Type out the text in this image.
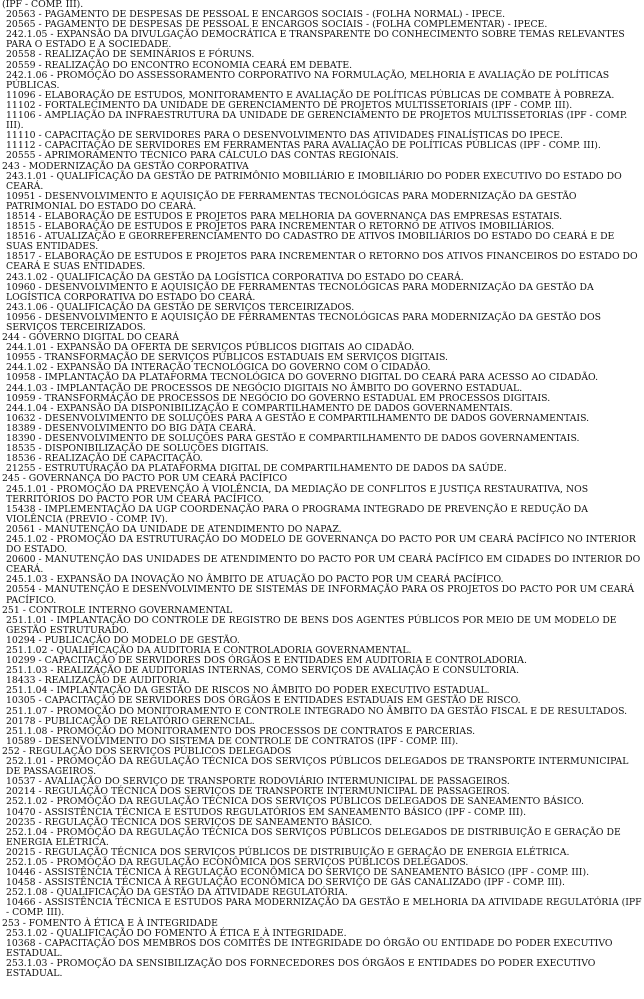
(IPF - COMP. III).

20563 - PAGAMENTO DE DESPESAS DE PESSOAL E ENCARGOS SOCIAIS - (FOLHA NORMAL) - IPECE.

20565 - PAGAMENTO DE DESPESAS DE PESSOAL E ENCARGOS SOCIAIS - (FOLHA COMPLEMENTAR) - IPECE.

242.1.05 - EXPANSÃO DA DIVULGAÇÃO DEMOCRÁTICA E TRANSPARENTE DO CONHECIMENTO SOBRE TEMAS RELEVANTES PARA O ESTADO E A SOCIEDADE.

20558 - REALIZAÇÃO DE SEMINÁRIOS E FÓRUNS.

20559 - REALIZAÇÃO DO ENCONTRO ECONOMIA CEARÁ EM DEBATE.

242.1.06 - PROMOÇÃO DO ASSESSORAMENTO CORPORATIVO NA FORMULAÇÃO, MELHORIA E AVALIAÇÃO DE POLÍTICAS PÚBLICAS.

11096 - ELABORAÇÃO DE ESTUDOS, MONITORAMENTO E AVALIAÇÃO DE POLÍTICAS PÚBLICAS DE COMBATE À POBREZA.

11102 - FORTALECIMENTO DA UNIDADE DE GERENCIAMENTO DE PROJETOS MULTISSETORIAIS (IPF - COMP. III).

11106 - AMPLIAÇÃO DA INFRAESTRUTURA DA UNIDADE DE GERENCIAMENTO DE PROJETOS MULTISSETORIAS (IPF - COMP. III).

11110 - CAPACITAÇÃO DE SERVIDORES PARA O DESENVOLVIMENTO DAS ATIVIDADES FINALÍSTICAS DO IPECE.

11112 - CAPACITAÇÃO DE SERVIDORES EM FERRAMENTAS PARA AVALIAÇÃO DE POLÍTICAS PÚBLICAS (IPF - COMP. III).

20555 - APRIMORAMENTO TÉCNICO PARA CÁLCULO DAS CONTAS REGIONAIS.

243 - MODERNIZAÇÃO DA GESTÃO CORPORATIVA

243.1.01 - QUALIFICAÇÃO DA GESTÃO DE PATRIMÔNIO MOBILIÁRIO E IMOBILIÁRIO DO PODER EXECUTIVO DO ESTADO DO CEARÁ.

10951 - DESENVOLVIMENTO E AQUISIÇÃO DE FERRAMENTAS TECNOLÓGICAS PARA MODERNIZAÇÃO DA GESTÃO PATRIMONIAL DO ESTADO DO CEARÁ.

18514 - ELABORAÇÃO DE ESTUDOS E PROJETOS PARA MELHORIA DA GOVERNANÇA DAS EMPRESAS ESTATAIS.

18515 - ELABORAÇÃO DE ESTUDOS E PROJETOS PARA INCREMENTAR O RETORNO DE ATIVOS IMOBILIÁRIOS.

18516 - ATUALIZAÇÃO E GEORREFERENCIAMENTO DO CADASTRO DE ATIVOS IMOBILIÁRIOS DO ESTADO DO CEARÁ E DE SUAS ENTIDADES.

18517 - ELABORAÇÃO DE ESTUDOS E PROJETOS PARA INCREMENTAR O RETORNO DOS ATIVOS FINANCEIROS DO ESTADO DO CEARÁ E SUAS ENTIDADES.

243.1.02 - QUALIFICAÇÃO DA GESTÃO DA LOGÍSTICA CORPORATIVA DO ESTADO DO CEARÁ.

10960 - DESENVOLVIMENTO E AQUISIÇÃO DE FERRAMENTAS TECNOLÓGICAS PARA MODERNIZAÇÃO DA GESTÃO DA LOGÍSTICA CORPORATIVA DO ESTADO DO CEARÁ.

243.1.06 - QUALIFICAÇÃO DA GESTÃO DE SERVIÇOS TERCEIRIZADOS.

10956 - DESENVOLVIMENTO E AQUISIÇÃO DE FERRAMENTAS TECNOLÓGICAS PARA MODERNIZAÇÃO DA GESTÃO DOS SERVIÇOS TERCEIRIZADOS.

244 - GOVERNO DIGITAL DO CEARÁ

244.1.01 - EXPANSÃO DA OFERTA DE SERVIÇOS PÚBLICOS DIGITAIS AO CIDADÃO.

10955 - TRANSFORMAÇÃO DE SERVIÇOS PÚBLICOS ESTADUAIS EM SERVIÇOS DIGITAIS.

244.1.02 - EXPANSÃO DA INTERAÇÃO TECNOLÓGICA DO GOVERNO COM O CIDADÃO.

10958 - IMPLANTAÇÃO DA PLATAFORMA TECNOLÓGICA DO GOVERNO DIGITAL DO CEARÁ PARA ACESSO AO CIDADÃO.

244.1.03 - IMPLANTAÇÃO DE PROCESSOS DE NEGÓCIO DIGITAIS NO ÂMBITO DO GOVERNO ESTADUAL.

10959 - TRANSFORMAÇÃO DE PROCESSOS DE NEGÓCIO DO GOVERNO ESTADUAL EM PROCESSOS DIGITAIS.

244.1.04 - EXPANSÃO DA DISPONIBILIZAÇÃO E COMPARTILHAMENTO DE DADOS GOVERNAMENTAIS.

10632 - DESENVOLVIMENTO DE SOLUÇÕES PARA A GESTÃO E COMPARTILHAMENTO DE DADOS GOVERNAMENTAIS.

18389 - DESENVOLVIMENTO DO BIG DATA CEARÁ.

18390 - DESENVOLVIMENTO DE SOLUÇÕES PARA GESTÃO E COMPARTILHAMENTO DE DADOS GOVERNAMENTAIS.

18535 - DISPONIBILIZAÇÃO DE SOLUÇÕES DIGITAIS.

18536 - REALIZAÇÃO DE CAPACITAÇÃO.

21255 - ESTRUTURAÇÃO DA PLATAFORMA DIGITAL DE COMPARTILHAMENTO DE DADOS DA SAÚDE.

245 - GOVERNANÇA DO PACTO POR UM CEARÁ PACÍFICO

245.1.01 - PROMOÇÃO DA PREVENÇÃO À VIOLÊNCIA, DA MEDIAÇÃO DE CONFLITOS E JUSTIÇA RESTAURATIVA, NOS TERRITÓRIOS DO PACTO POR UM CEARÁ PACÍFICO.

15438 - IMPLEMENTAÇÃO DA UGP COORDENAÇÃO PARA O PROGRAMA INTEGRADO DE PREVENÇÃO E REDUÇÃO DA VIOLÊNCIA (PREVIO - COMP. IV).

20561 - MANUTENÇÃO DA UNIDADE DE ATENDIMENTO DO NAPAZ.

245.1.02 - PROMOÇÃO DA ESTRUTURAÇÃO DO MODELO DE GOVERNANÇA DO PACTO POR UM CEARÁ PACÍFICO NO INTERIOR DO ESTADO.

20600 - MANUTENÇÃO DAS UNIDADES DE ATENDIMENTO DO PACTO POR UM CEARÁ PACÍFICO EM CIDADES DO INTERIOR DO CEARÁ.

245.1.03 - EXPANSÃO DA INOVAÇÃO NO ÂMBITO DE ATUAÇÃO DO PACTO POR UM CEARÁ PACÍFICO.

20554 - MANUTENÇÃO E DESENVOLVIMENTO DE SISTEMAS DE INFORMAÇÃO PARA OS PROJETOS DO PACTO POR UM CEARÁ PACÍFICO.

251 - CONTROLE INTERNO GOVERNAMENTAL

251.1.01 - IMPLANTAÇÃO DO CONTROLE DE REGISTRO DE BENS DOS AGENTES PÚBLICOS POR MEIO DE UM MODELO DE GESTÃO ESTRUTURADO.

10294 - PUBLICAÇÃO DO MODELO DE GESTÃO.

251.1.02 - QUALIFICAÇÃO DA AUDITORIA E CONTROLADORIA GOVERNAMENTAL.

10299 - CAPACITAÇÃO DE SERVIDORES DOS ÓRGÃOS E ENTIDADES EM AUDITORIA E CONTROLADORIA.

251.1.03 - REALIZAÇÃO DE AUDITORIAS INTERNAS, COMO SERVIÇOS DE AVALIAÇÃO E CONSULTORIA.

18433 - REALIZAÇÃO DE AUDITORIA.

251.1.04 - IMPLANTAÇÃO DA GESTÃO DE RISCOS NO ÂMBITO DO PODER EXECUTIVO ESTADUAL.

10305 - CAPACITAÇÃO DE SERVIDORES DOS ÓRGÃOS E ENTIDADES ESTADUAIS EM GESTÃO DE RISCO.

251.1.07 - PROMOÇÃO DO MONITORAMENTO E CONTROLE INTEGRADO NO ÂMBITO DA GESTÃO FISCAL E DE RESULTADOS.

20178 - PUBLICAÇÃO DE RELATÓRIO GERENCIAL.

251.1.08 - PROMOÇÃO DO MONITORAMENTO DOS PROCESSOS DE CONTRATOS E PARCERIAS.

10589 - DESENVOLVIMENTO DO SISTEMA DE CONTROLE DE CONTRATOS (IPF - COMP. III).

252 - REGULAÇÃO DOS SERVIÇOS PÚBLICOS DELEGADOS

252.1.01 - PROMOÇÃO DA REGULAÇÃO TÉCNICA DOS SERVIÇOS PÚBLICOS DELEGADOS DE TRANSPORTE INTERMUNICIPAL DE PASSAGEIROS.

10537 - AVALIAÇÃO DO SERVIÇO DE TRANSPORTE RODOVIÁRIO INTERMUNICIPAL DE PASSAGEIROS.

20214 - REGULAÇÃO TÉCNICA DOS SERVIÇOS DE TRANSPORTE INTERMUNICIPAL DE PASSAGEIROS.

252.1.02 - PROMOÇÃO DA REGULAÇÃO TÉCNICA DOS SERVIÇOS PÚBLICOS DELEGADOS DE SANEAMENTO BÁSICO.

10470 - ASSISTÊNCIA TÉCNICA E ESTUDOS REGULATÓRIOS EM SANEAMENTO BÁSICO (IPF - COMP. III).

20235 - REGULAÇÃO TÉCNICA DOS SERVIÇOS DE SANEAMENTO BÁSICO.

252.1.04 - PROMOÇÃO DA REGULAÇÃO TÉCNICA DOS SERVIÇOS PÚBLICOS DELEGADOS DE DISTRIBUIÇÃO E GERAÇÃO DE ENERGIA ELÉTRICA.

20215 - REGULAÇÃO TÉCNICA DOS SERVIÇOS PÚBLICOS DE DISTRIBUIÇÃO E GERAÇÃO DE ENERGIA ELÉTRICA.

252.1.05 - PROMOÇÃO DA REGULAÇÃO ECONÔMICA DOS SERVIÇOS PÚBLICOS DELEGADOS.

10446 - ASSISTÊNCIA TÉCNICA À REGULAÇÃO ECONÔMICA DO SERVIÇO DE SANEAMENTO BÁSICO (IPF - COMP. III).

10458 - ASSISTÊNCIA TÉCNICA À REGULAÇÃO ECONÔMICA DO SERVIÇO DE GÁS CANALIZADO (IPF - COMP. III).

252.1.08 - QUALIFICAÇÃO DA GESTÃO DA ATIVIDADE REGULATÓRIA.

10466 - ASSISTÊNCIA TÉCNICA E ESTUDOS PARA MODERNIZAÇÃO DA GESTÃO E MELHORIA DA ATIVIDADE REGULATÓRIA (IPF - COMP. III).

253 - FOMENTO À ÉTICA E À INTEGRIDADE

253.1.02 - QUALIFICAÇÃO DO FOMENTO À ÉTICA E À INTEGRIDADE.

10368 - CAPACITAÇÃO DOS MEMBROS DOS COMITÊS DE INTEGRIDADE DO ÓRGÃO OU ENTIDADE DO PODER EXECUTIVO ESTADUAL.

253.1.03 - PROMOÇÃO DA SENSIBILIZAÇÃO DOS FORNECEDORES DOS ÓRGÃOS E ENTIDADES DO PODER EXECUTIVO ESTADUAL.
